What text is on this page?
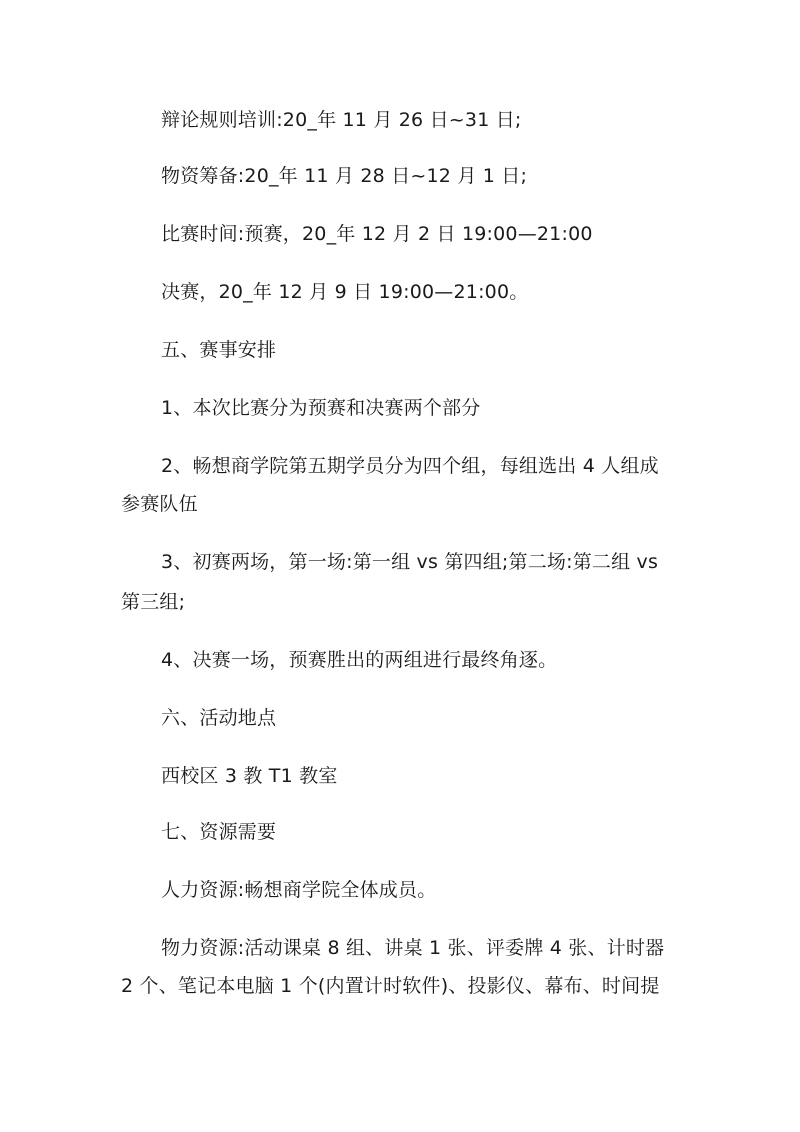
辩论规则培训:20_年 11 月 26 日~31 日;
物资筹备:20_年 11 月 28 日~12 月 1 日;
比赛时间:预赛，20_年 12 月 2 日 19:00—21:00
决赛，20_年 12 月 9 日 19:00—21:00。
五、赛事安排
1、本次比赛分为预赛和决赛两个部分
2、畅想商学院第五期学员分为四个组，每组选出 4 人组成
参赛队伍
3、初赛两场，第一场:第一组 vs 第四组;第二场:第二组 vs
第三组;
4、决赛一场，预赛胜出的两组进行最终角逐。
六、活动地点
西校区 3 教 T1 教室
七、资源需要
人力资源:畅想商学院全体成员。
物力资源:活动课桌 8 组、讲桌 1 张、评委牌 4 张、计时器
2 个、笔记本电脑 1 个(内置计时软件)、投影仪、幕布、时间提
